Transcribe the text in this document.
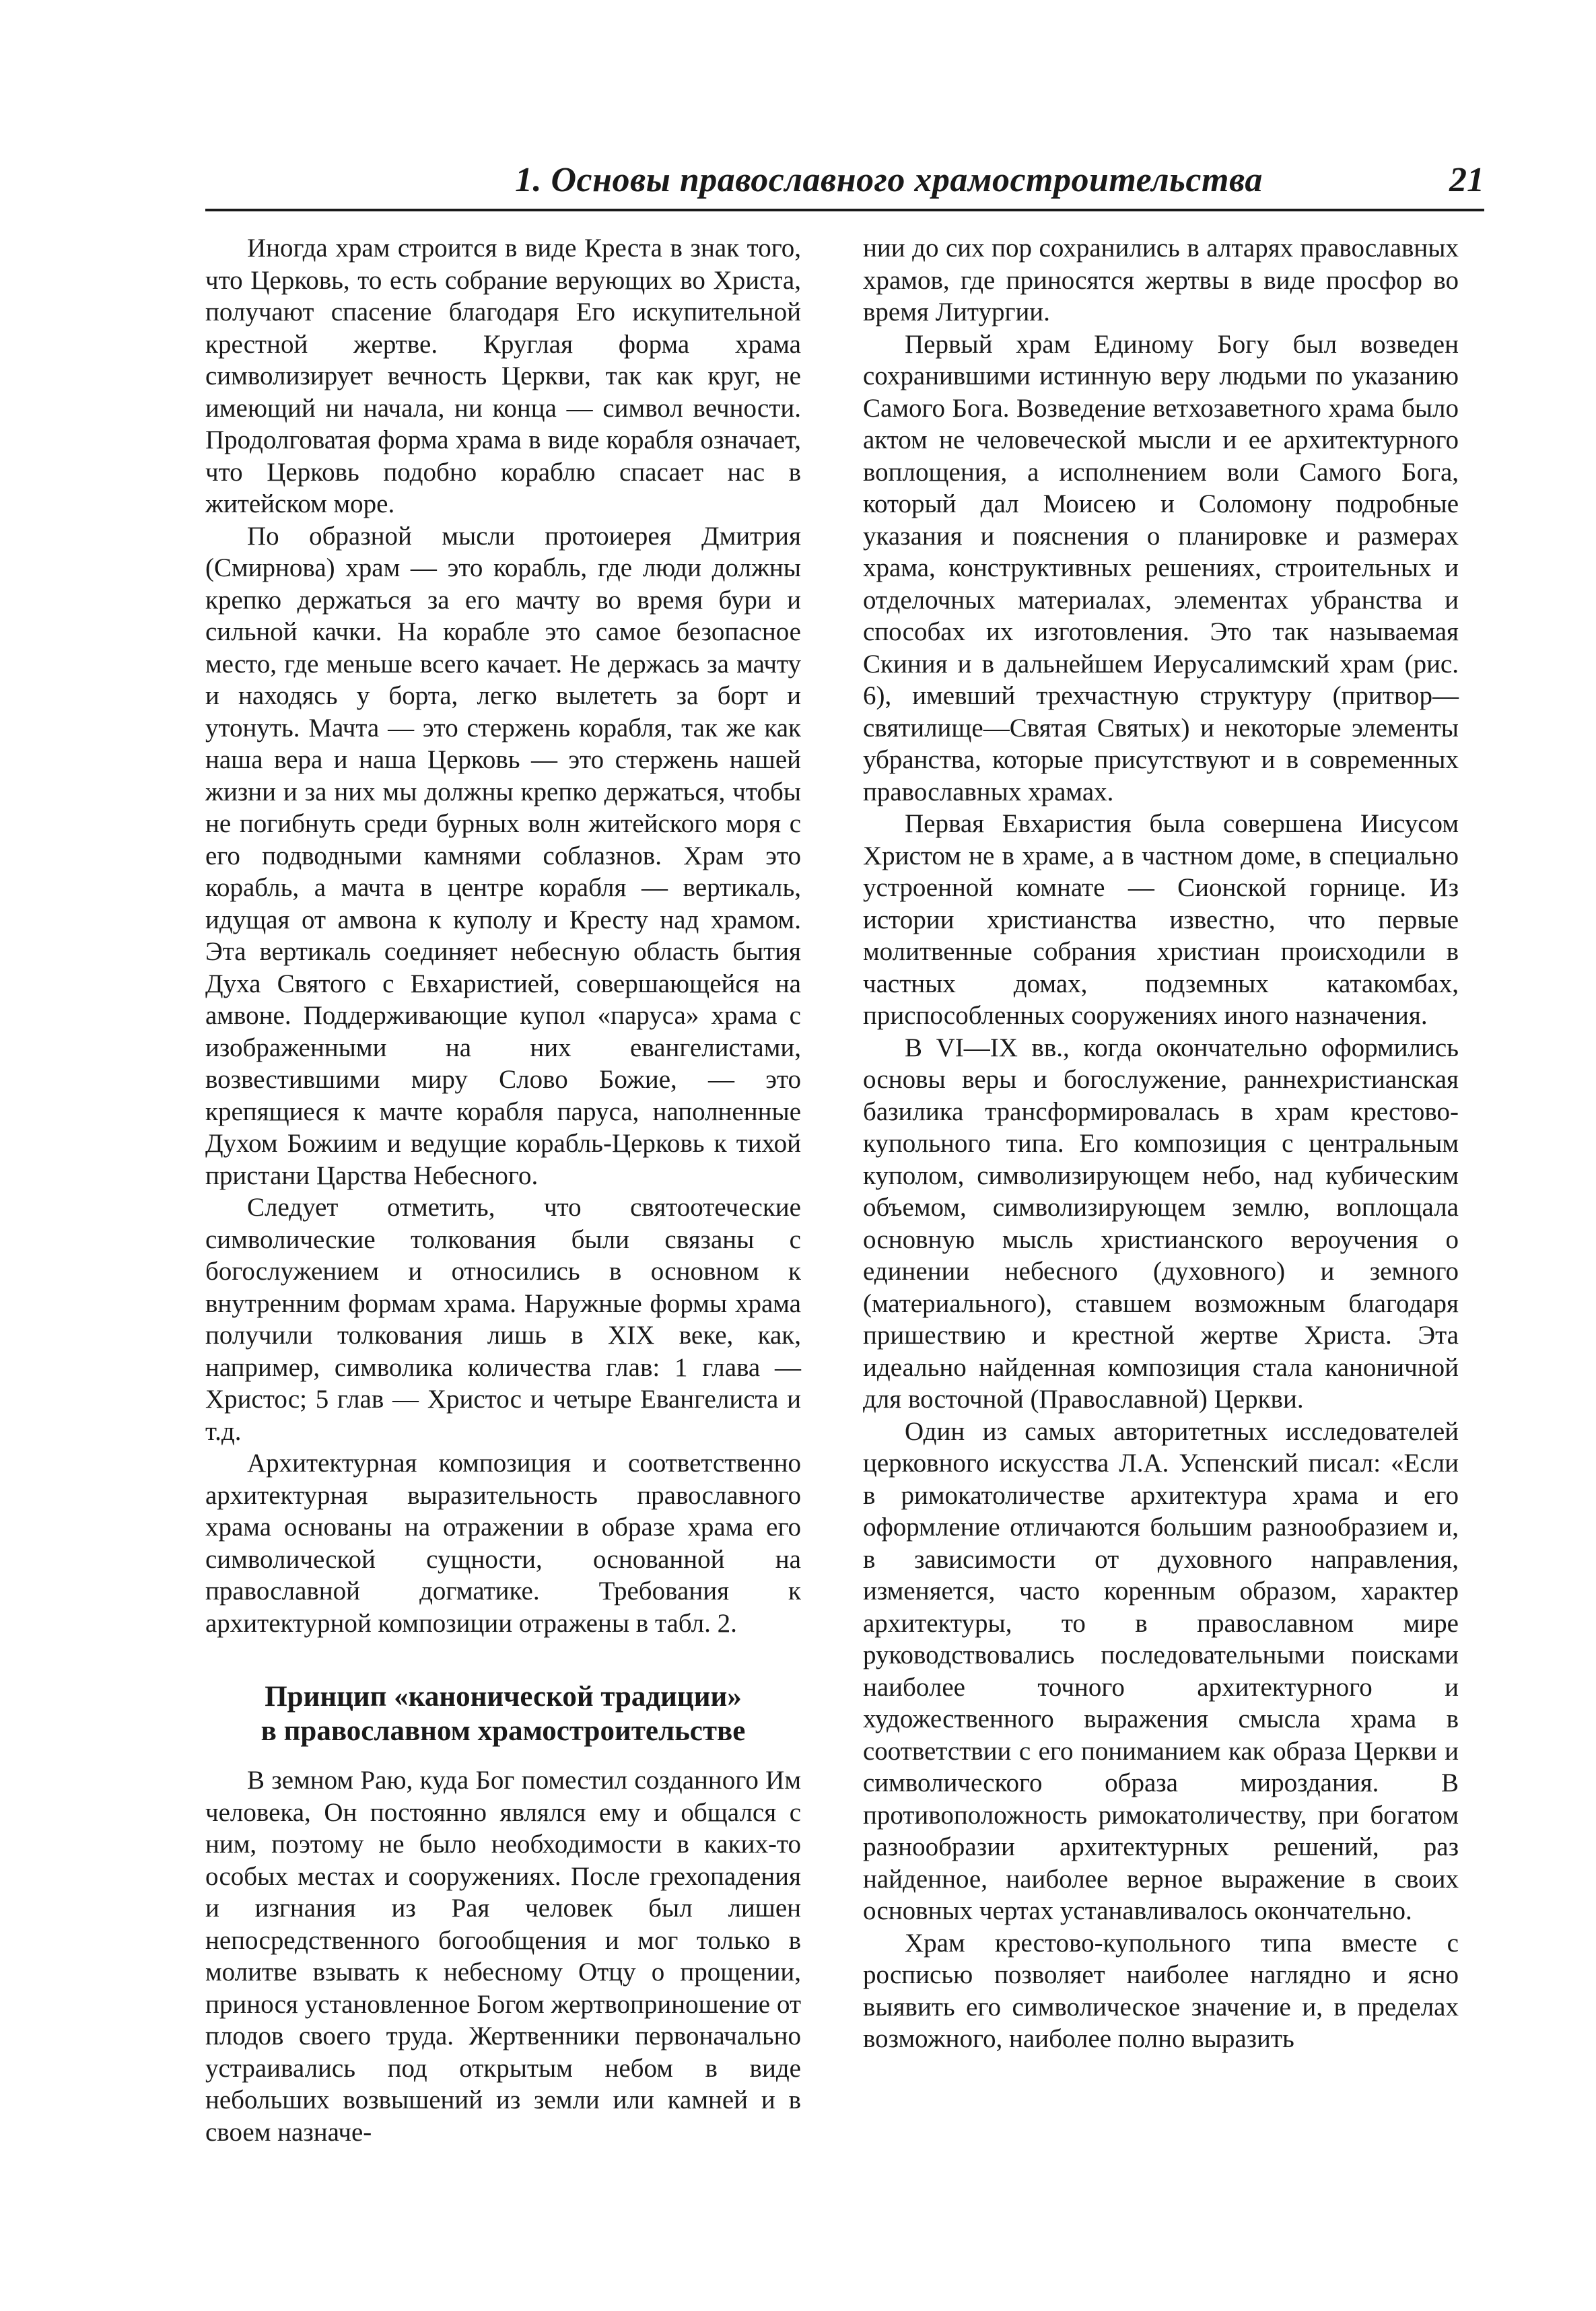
1. Основы православного храмостроительства	21

Иногда храм строится в виде Креста в знак того, что Церковь, то есть собрание верующих во Христа, получают спасение благодаря Его искупительной крестной жертве. Круглая форма храма символизирует вечность Церкви, так как круг, не имеющий ни начала, ни конца — символ вечности. Продолговатая форма храма в виде корабля означает, что Церковь подобно кораблю спасает нас в житейском море.

По образной мысли протоиерея Дмитрия (Смирнова) храм — это корабль, где люди должны крепко держаться за его мачту во время бури и сильной качки. На корабле это самое безопасное место, где меньше всего качает. Не держась за мачту и находясь у борта, легко вылететь за борт и утонуть. Мачта — это стержень корабля, так же как наша вера и наша Церковь — это стержень нашей жизни и за них мы должны крепко держаться, чтобы не погибнуть среди бурных волн житейского моря с его подводными камнями соблазнов. Храм это корабль, а мачта в центре корабля — вертикаль, идущая от амвона к куполу и Кресту над храмом. Эта вертикаль соединяет небесную область бытия Духа Святого с Евхаристией, совершающейся на амвоне. Поддерживающие купол «паруса» храма с изображенными на них евангелистами, возвестившими миру Слово Божие, — это крепящиеся к мачте корабля паруса, наполненные Духом Божиим и ведущие корабль-Церковь к тихой пристани Царства Небесного.

Следует отметить, что святоотеческие символические толкования были связаны с богослужением и относились в основном к внутренним формам храма. Наружные формы храма получили толкования лишь в XIX веке, как, например, символика количества глав: 1 глава — Христос; 5 глав — Христос и четыре Евангелиста и т.д.

Архитектурная композиция и соответственно архитектурная выразительность православного храма основаны на отражении в образе храма его символической сущности, основанной на православной догматике. Требования к архитектурной композиции отражены в табл. 2.

Принцип «канонической традиции»
в православном храмостроительстве

В земном Раю, куда Бог поместил созданного Им человека, Он постоянно являлся ему и общался с ним, поэтому не было необходимости в каких-то особых местах и сооружениях. После грехопадения и изгнания из Рая человек был лишен непосредственного богообщения и мог только в молитве взывать к небесному Отцу о прощении, принося установленное Богом жертвоприношение от плодов своего труда. Жертвенники первоначально устраивались под открытым небом в виде небольших возвышений из земли или камней и в своем назначе-

нии до сих пор сохранились в алтарях православных храмов, где приносятся жертвы в виде просфор во время Литургии.

Первый храм Единому Богу был возведен сохранившими истинную веру людьми по указанию Самого Бога. Возведение ветхозаветного храма было актом не человеческой мысли и ее архитектурного воплощения, а исполнением воли Самого Бога, который дал Моисею и Соломону подробные указания и пояснения о планировке и размерах храма, конструктивных решениях, строительных и отделочных материалах, элементах убранства и способах их изготовления. Это так называемая Скиния и в дальнейшем Иерусалимский храм (рис. 6), имевший трехчастную структуру (притвор—святилище—Святая Святых) и некоторые элементы убранства, которые присутствуют и в современных православных храмах.

Первая Евхаристия была совершена Иисусом Христом не в храме, а в частном доме, в специально устроенной комнате — Сионской горнице. Из истории христианства известно, что первые молитвенные собрания христиан происходили в частных домах, подземных катакомбах, приспособленных сооружениях иного назначения.

В VI—IX вв., когда окончательно оформились основы веры и богослужение, раннехристианская базилика трансформировалась в храм крестово-купольного типа. Его композиция с центральным куполом, символизирующем небо, над кубическим объемом, символизирующем землю, воплощала основную мысль христианского вероучения о единении небесного (духовного) и земного (материального), ставшем возможным благодаря пришествию и крестной жертве Христа. Эта идеально найденная композиция стала каноничной для восточной (Православной) Церкви.

Один из самых авторитетных исследователей церковного искусства Л.А. Успенский писал: «Если в римокатоличестве архитектура храма и его оформление отличаются большим разнообразием и, в зависимости от духовного направления, изменяется, часто коренным образом, характер архитектуры, то в православном мире руководствовались последовательными поисками наиболее точного архитектурного и художественного выражения смысла храма в соответствии с его пониманием как образа Церкви и символического образа мироздания. В противоположность римокатоличеству, при богатом разнообразии архитектурных решений, раз найденное, наиболее верное выражение в своих основных чертах устанавливалось окончательно.

Храм крестово-купольного типа вместе с росписью позволяет наиболее наглядно и ясно выявить его символическое значение и, в пределах возможного, наиболее полно выразить
